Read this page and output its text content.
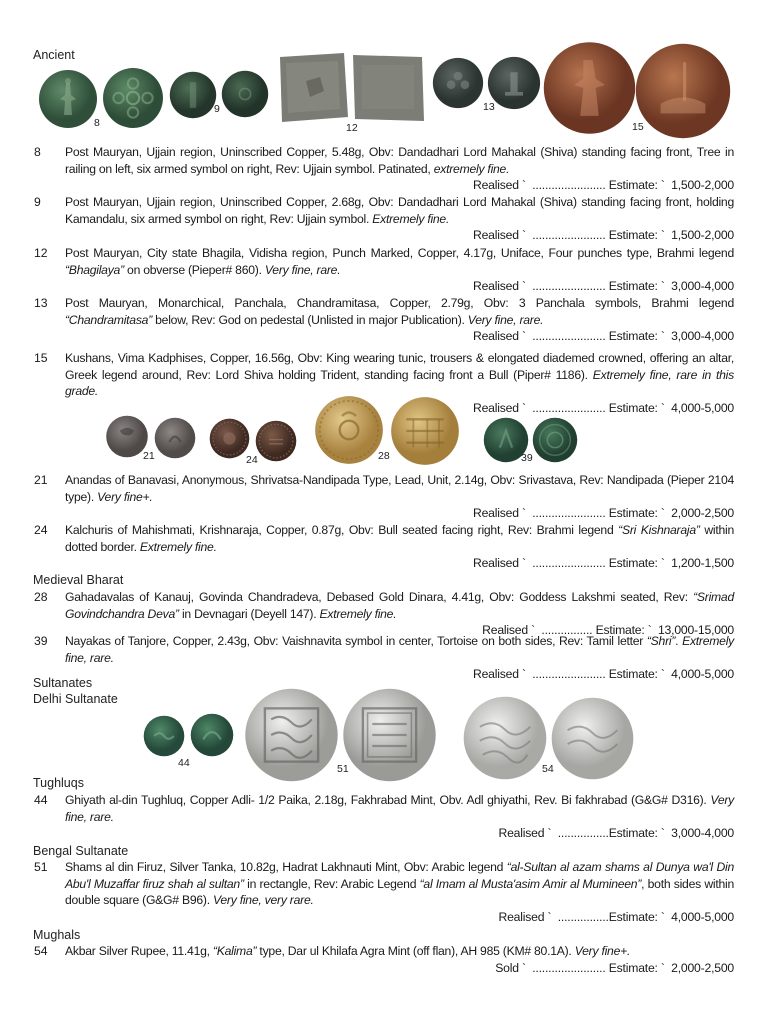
Ancient
Medieval Bharat
Sultanates
Delhi Sultanate
Tughluqs
Bengal Sultanate
Mughals
8
9
12
13
15
8	Post Mauryan, Ujjain region, Uninscribed Copper, 5.48g, Obv: Dandadhari Lord Mahakal (Shiva) standing facing front, Tree in railing on left, six armed symbol on right, Rev: Ujjain symbol. Patinated, extremely fine.
Realised ` ....................... Estimate: ` 1,500-2,000
9	Post Mauryan, Ujjain region, Uninscribed Copper, 2.68g, Obv: Dandadhari Lord Mahakal (Shiva) standing facing front, holding Kamandalu, six armed symbol on right, Rev: Ujjain symbol. Extremely fine.
Realised ` ....................... Estimate: ` 1,500-2,000
12	Post Mauryan, City state Bhagila, Vidisha region, Punch Marked, Copper, 4.17g, Uniface, Four punches type, Brahmi legend “Bhagilaya” on obverse (Pieper# 860). Very fine, rare.
Realised ` ....................... Estimate: ` 3,000-4,000
13	Post Mauryan, Monarchical, Panchala, Chandramitasa, Copper, 2.79g, Obv: 3 Panchala symbols, Brahmi legend “Chandramitasa” below, Rev: God on pedestal (Unlisted in major Publication). Very fine, rare.
Realised ` ....................... Estimate: ` 3,000-4,000
15	Kushans, Vima Kadphises, Copper, 16.56g, Obv: King wearing tunic, trousers & elongated diademed crowned, offering an altar, Greek legend around, Rev: Lord Shiva holding Trident, standing facing front a Bull (Piper# 1186). Extremely fine, rare in this grade.
Realised ` ....................... Estimate: ` 4,000-5,000
21	24	28	39
21	Anandas of Banavasi, Anonymous, Shrivatsa-Nandipada Type, Lead, Unit, 2.14g, Obv: Srivastava, Rev: Nandipada (Pieper 2104 type). Very fine+.
Realised ` ....................... Estimate: ` 2,000-2,500
24	Kalchuris of Mahishmati, Krishnaraja, Copper, 0.87g, Obv: Bull seated facing right, Rev: Brahmi legend “Sri Kishnaraja” within dotted border. Extremely fine.
Realised ` ....................... Estimate: ` 1,200-1,500
28	Gahadavalas of Kanauj, Govinda Chandradeva, Debased Gold Dinara, 4.41g, Obv: Goddess Lakshmi seated, Rev: “Srimad Govindchandra Deva” in Devnagari (Deyell 147). Extremely fine.
Realised ` ................ Estimate: ` 13,000-15,000
39	Nayakas of Tanjore, Copper, 2.43g, Obv: Vaishnavita symbol in center, Tortoise on both sides, Rev: Tamil letter “Shri”. Extremely fine, rare.
Realised ` ....................... Estimate: ` 4,000-5,000
44	51	54
44	Ghiyath al-din Tughluq, Copper Adli- 1/2 Paika, 2.18g, Fakhrabad Mint, Obv. Adl ghiyathi, Rev. Bi fakhrabad (G&G# D316). Very fine, rare.
Realised ` ................Estimate: ` 3,000-4,000
51	Shams al din Firuz, Silver Tanka, 10.82g, Hadrat Lakhnauti Mint, Obv: Arabic legend “al-Sultan al azam shams al Dunya wa'l Din Abu'l Muzaffar firuz shah al sultan” in rectangle, Rev: Arabic Legend “al Imam al Musta'asim Amir al Mumineen”, both sides within double square (G&G# B96). Very fine, very rare.
Realised ` ................Estimate: ` 4,000-5,000
54	Akbar Silver Rupee, 11.41g, “Kalima” type, Dar ul Khilafa Agra Mint (off flan), AH 985 (KM# 80.1A). Very fine+.
Sold ` ....................... Estimate: ` 2,000-2,500
